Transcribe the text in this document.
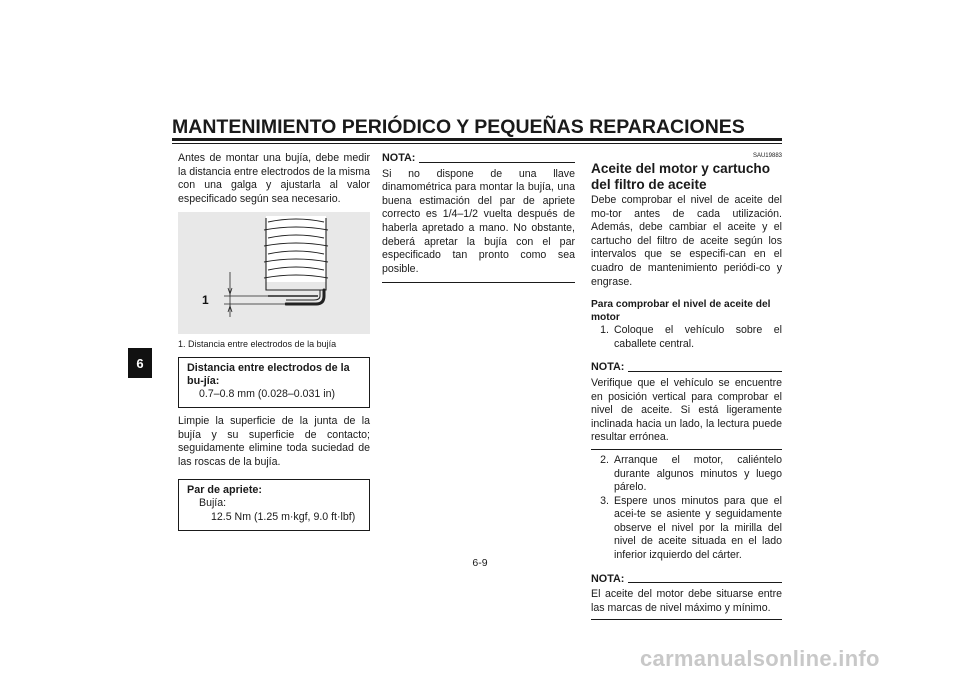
MANTENIMIENTO PERIÓDICO Y PEQUEÑAS REPARACIONES
6

Antes de montar una bujía, debe medir la distancia entre electrodos de la misma con una galga y ajustarla al valor especificado según sea necesario.

1
1. Distancia entre electrodos de la bujía
Distancia entre electrodos de la bu-jía:
0.7–0.8 mm (0.028–0.031 in)

Limpie la superficie de la junta de la bujía y su superficie de contacto; seguidamente elimine toda suciedad de las roscas de la bujía.

Par de apriete:
Bujía:
12.5 Nm (1.25 m·kgf, 9.0 ft·lbf)
NOTA:

Si no dispone de una llave dinamométrica para montar la bujía, una buena estimación del par de apriete correcto es 1/4–1/2 vuelta después de haberla apretado a mano. No obstante, deberá apretar la bujía con el par especificado tan pronto como sea posible.

SAU19883
Aceite del motor y cartucho del filtro de aceite

Debe comprobar el nivel de aceite del mo-tor antes de cada utilización. Además, debe cambiar el aceite y el cartucho del filtro de aceite según los intervalos que se especifi-can en el cuadro de mantenimiento periódi-co y engrase.

Para comprobar el nivel de aceite del motor
1. Coloque el vehículo sobre el caballete central.
NOTA:

Verifique que el vehículo se encuentre en posición vertical para comprobar el nivel de aceite. Si está ligeramente inclinada hacia un lado, la lectura puede resultar errónea.

2. Arranque el motor, caliéntelo durante algunos minutos y luego párelo.
3. Espere unos minutos para que el acei-te se asiente y seguidamente observe el nivel por la mirilla del nivel de aceite situada en el lado inferior izquierdo del cárter.
NOTA:

El aceite del motor debe situarse entre las marcas de nivel máximo y mínimo.

6-9
carmanualsonline.info
